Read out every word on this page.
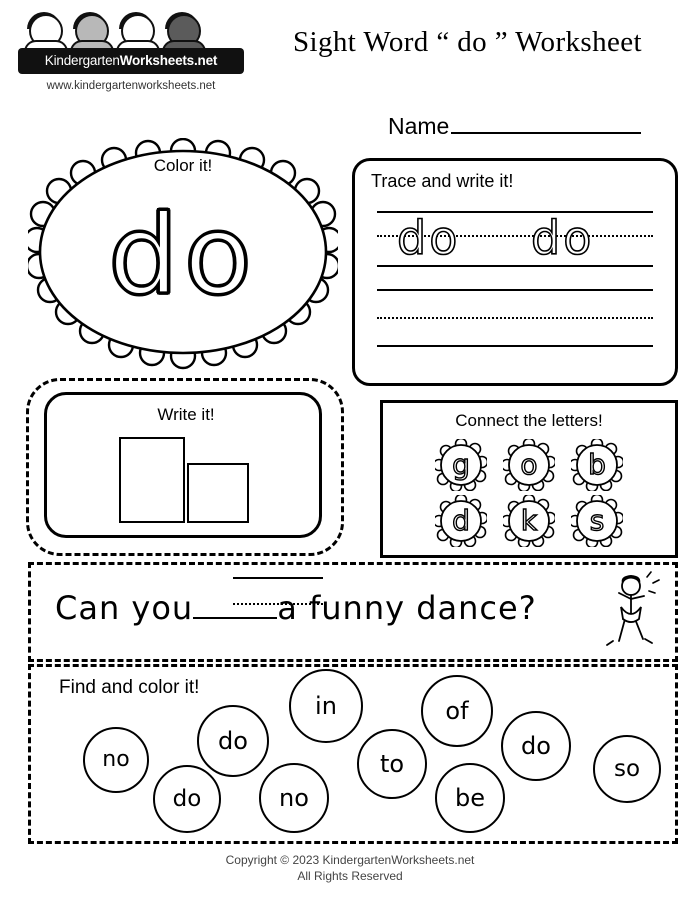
KindergartenWorksheets.net
www.kindergartenworksheets.net
Sight Word “ do ” Worksheet
Name
Color it!
do
Trace and write it!
do do
Write it!	Connect the letters!
g	o	b
d	k	s
Can you	a funny dance?
Find and color it!
no
do
in	of
do
so
do	no
to
be
Copyright © 2023 KindergartenWorksheets.net
All Rights Reserved
